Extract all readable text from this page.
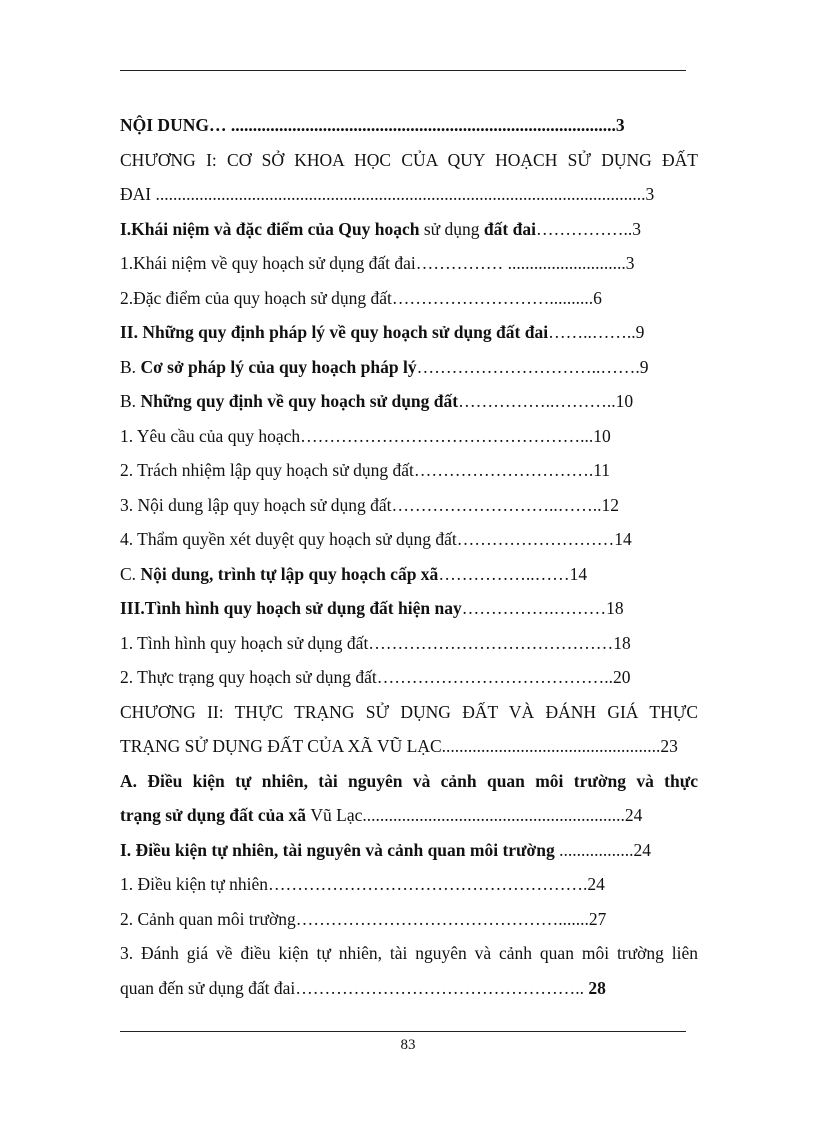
NỘI DUNG… ........................................................................................3
CHƯƠNG I: CƠ SỞ KHOA HỌC CỦA QUY HOẠCH SỬ DỤNG ĐẤT
ĐAI ................................................................................................................3
I.Khái niệm và đặc điểm của Quy hoạch sử dụng đất đai……………..3
1.Khái niệm về quy hoạch sử dụng đất đai…………… ...........................3
2.Đặc điểm của quy hoạch sử dụng đất………………………..........6
II. Những quy định pháp lý về quy hoạch sử dụng đất đai……..……..9
B. Cơ sở pháp lý của quy hoạch pháp lý…………………………..…….9
B. Những quy định về quy hoạch sử dụng đất……………..………..10
1. Yêu cầu của quy hoạch…………………………………………...10
2. Trách nhiệm lập quy hoạch sử dụng đất………………………….11
3. Nội dung lập quy hoạch sử dụng đất………………………..……..12
4. Thẩm quyền xét duyệt quy hoạch sử dụng đất………………………14
C. Nội dung, trình tự lập quy hoạch cấp xã……………..……14
III.Tình hình quy hoạch sử dụng đất hiện nay…………….………18
1. Tình hình quy hoạch sử dụng đất……………………………………18
2. Thực trạng quy hoạch sử dụng đất…………………………………..20
CHƯƠNG II: THỰC TRẠNG SỬ DỤNG ĐẤT VÀ ĐÁNH GIÁ THỰC
TRẠNG SỬ DỤNG ĐẤT CỦA XÃ VŨ LẠC..................................................23
A. Điều kiện tự nhiên, tài nguyên và cảnh quan môi trường và thực
trạng sử dụng đất của xã Vũ Lạc............................................................24
I. Điều kiện tự nhiên, tài nguyên và cảnh quan môi trường .................24
1. Điều kiện tự nhiên……………………………………………….24
2. Cảnh quan môi trường……………………………………….......27
3. Đánh giá về điều kiện tự nhiên, tài nguyên và cảnh quan môi trường liên
quan đến sử dụng đất đai………………………………………….. 28
83
